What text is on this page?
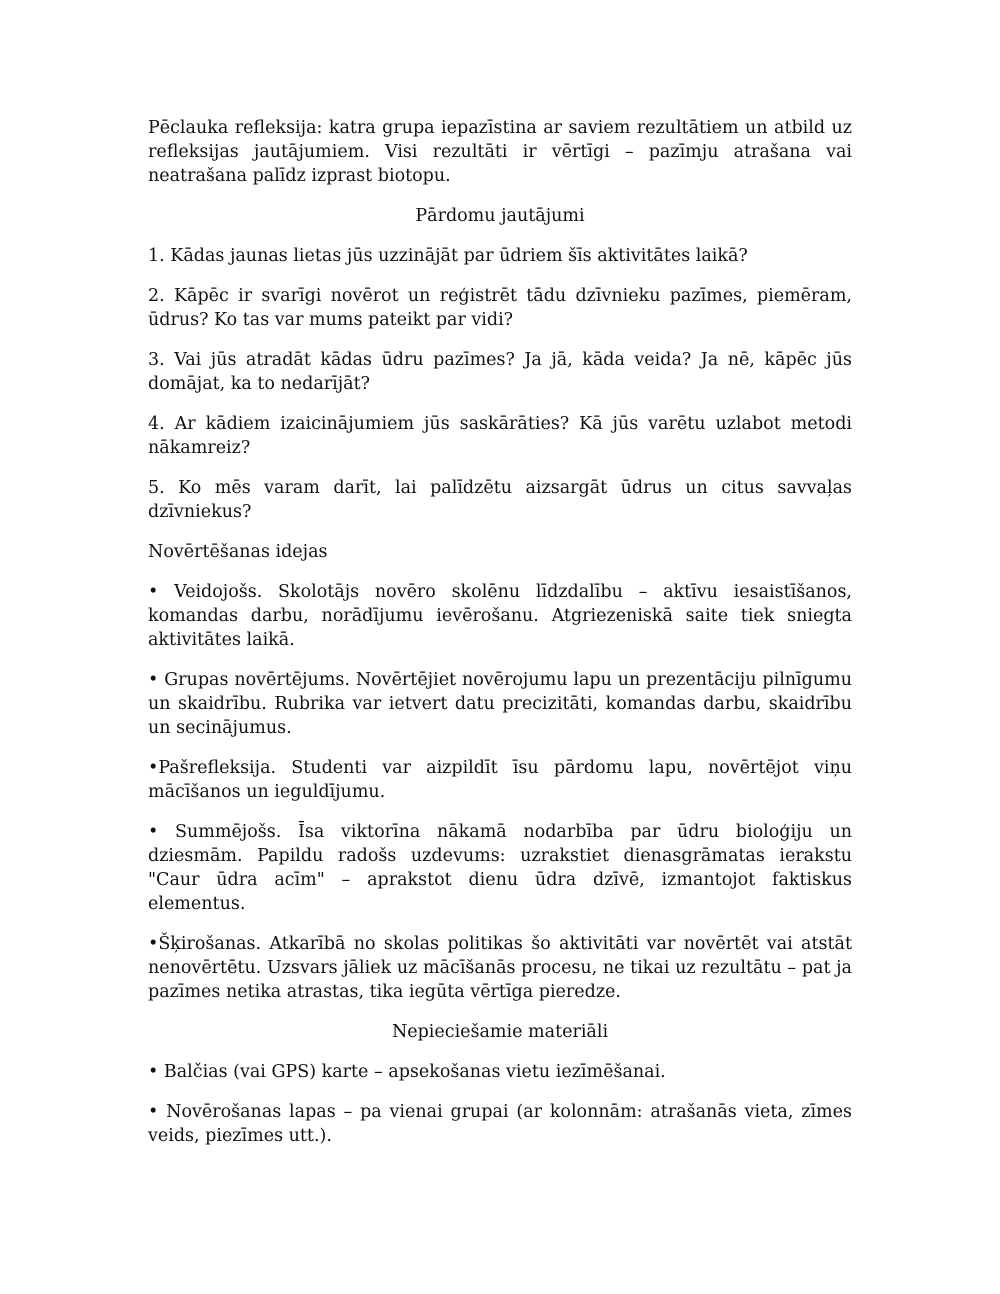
Pēclauka refleksija: katra grupa iepazīstina ar saviem rezultātiem un atbild uz refleksijas jautājumiem. Visi rezultāti ir vērtīgi – pazīmju atrašana vai neatrašana palīdz izprast biotopu.

Pārdomu jautājumi

1. Kādas jaunas lietas jūs uzzinājāt par ūdriem šīs aktivitātes laikā?

2. Kāpēc ir svarīgi novērot un reģistrēt tādu dzīvnieku pazīmes, piemēram, ūdrus? Ko tas var mums pateikt par vidi?

3. Vai jūs atradāt kādas ūdru pazīmes? Ja jā, kāda veida? Ja nē, kāpēc jūs domājat, ka to nedarījāt?

4. Ar kādiem izaicinājumiem jūs saskārāties? Kā jūs varētu uzlabot metodi nākamreiz?

5. Ko mēs varam darīt, lai palīdzētu aizsargāt ūdrus un citus savvaļas dzīvniekus?

Novērtēšanas idejas

• Veidojošs. Skolotājs novēro skolēnu līdzdalību – aktīvu iesaistīšanos, komandas darbu, norādījumu ievērošanu. Atgriezeniskā saite tiek sniegta aktivitātes laikā.

• Grupas novērtējums. Novērtējiet novērojumu lapu un prezentāciju pilnīgumu un skaidrību. Rubrika var ietvert datu precizitāti, komandas darbu, skaidrību un secinājumus.

•Pašrefleksija. Studenti var aizpildīt īsu pārdomu lapu, novērtējot viņu mācīšanos un ieguldījumu.

• Summējošs. Īsa viktorīna nākamā nodarbība par ūdru bioloģiju un dziesmām. Papildu radošs uzdevums: uzrakstiet dienasgrāmatas ierakstu "Caur ūdra acīm" – aprakstot dienu ūdra dzīvē, izmantojot faktiskus elementus.

•Šķirošanas. Atkarībā no skolas politikas šo aktivitāti var novērtēt vai atstāt nenovērtētu. Uzsvars jāliek uz mācīšanās procesu, ne tikai uz rezultātu – pat ja pazīmes netika atrastas, tika iegūta vērtīga pieredze.

Nepieciešamie materiāli

• Balčias (vai GPS) karte – apsekošanas vietu iezīmēšanai.

• Novērošanas lapas – pa vienai grupai (ar kolonnām: atrašanās vieta, zīmes veids, piezīmes utt.).
